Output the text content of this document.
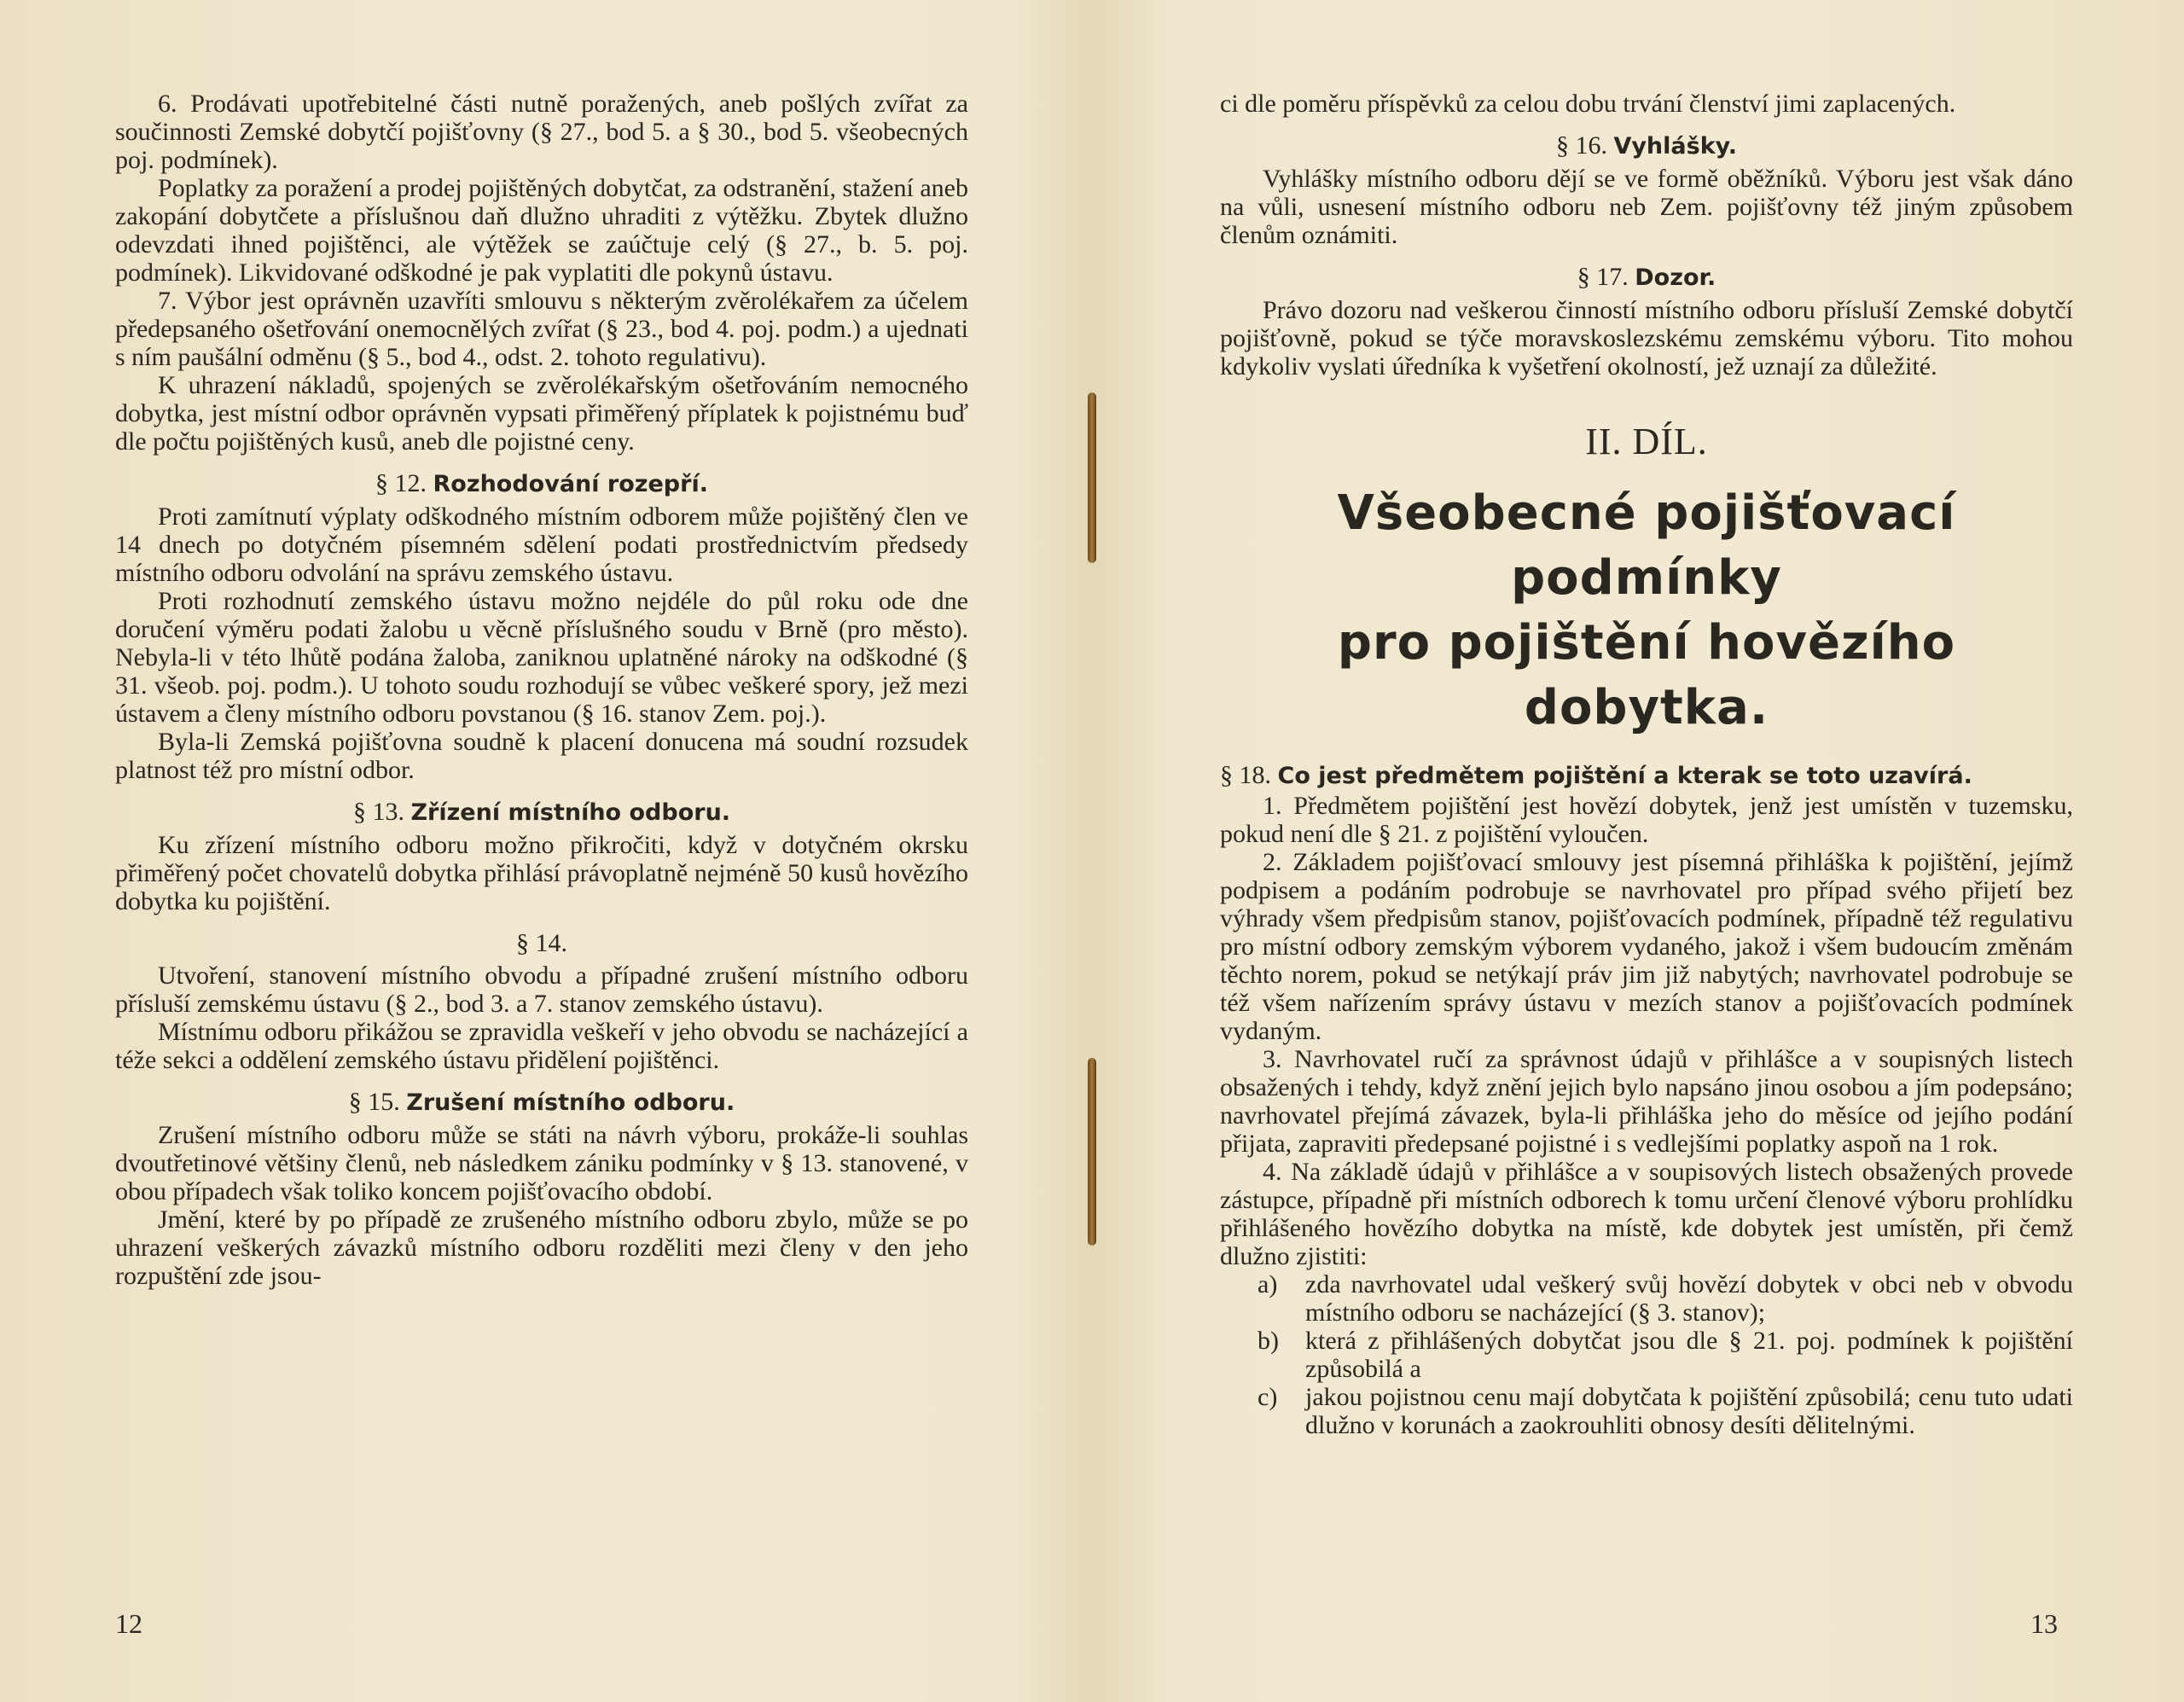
6. Prodávati upotřebitelné části nutně poražených, aneb pošlých zvířat za součinnosti Zemské dobytčí pojišťovny (§ 27., bod 5. a § 30., bod 5. všeobecných poj. podmínek).

Poplatky za poražení a prodej pojištěných dobytčat, za odstranění, stažení aneb zakopání dobytčete a příslušnou daň dlužno uhraditi z výtěžku. Zbytek dlužno odevzdati ihned pojištěnci, ale výtěžek se zaúčtuje celý (§ 27., b. 5. poj. podmínek). Likvidované odškodné je pak vyplatiti dle pokynů ústavu.

7. Výbor jest oprávněn uzavříti smlouvu s některým zvěrolékařem za účelem předepsaného ošetřování onemocnělých zvířat (§ 23., bod 4. poj. podm.) a ujednati s ním paušální odměnu (§ 5., bod 4., odst. 2. tohoto regulativu).

K uhrazení nákladů, spojených se zvěrolékařským ošetřováním nemocného dobytka, jest místní odbor oprávněn vypsati přiměřený příplatek k pojistnému buď dle počtu pojištěných kusů, aneb dle pojistné ceny.

§ 12. Rozhodování rozepří.

Proti zamítnutí výplaty odškodného místním odborem může pojištěný člen ve 14 dnech po dotyčném písemném sdělení podati prostřednictvím předsedy místního odboru odvolání na správu zemského ústavu.

Proti rozhodnutí zemského ústavu možno nejdéle do půl roku ode dne doručení výměru podati žalobu u věcně příslušného soudu v Brně (pro město). Nebyla-li v této lhůtě podána žaloba, zaniknou uplatněné nároky na odškodné (§ 31. všeob. poj. podm.). U tohoto soudu rozhodují se vůbec veškeré spory, jež mezi ústavem a členy místního odboru povstanou (§ 16. stanov Zem. poj.).

Byla-li Zemská pojišťovna soudně k placení donucena má soudní rozsudek platnost též pro místní odbor.

§ 13. Zřízení místního odboru.

Ku zřízení místního odboru možno přikročiti, když v dotyčném okrsku přiměřený počet chovatelů dobytka přihlásí právoplatně nejméně 50 kusů hovězího dobytka ku pojištění.

§ 14.

Utvoření, stanovení místního obvodu a případné zrušení místního odboru přísluší zemskému ústavu (§ 2., bod 3. a 7. stanov zemského ústavu).

Místnímu odboru přikážou se zpravidla veškeří v jeho obvodu se nacházející a téže sekci a oddělení zemského ústavu přidělení pojištěnci.

§ 15. Zrušení místního odboru.

Zrušení místního odboru může se státi na návrh výboru, prokáže-li souhlas dvoutřetinové většiny členů, neb následkem zániku podmínky v § 13. stanovené, v obou případech však toliko koncem pojišťovacího období.

Jmění, které by po případě ze zrušeného místního odboru zbylo, může se po uhrazení veškerých závazků místního odboru rozděliti mezi členy v den jeho rozpuštění zde jsou-

12

ci dle poměru příspěvků za celou dobu trvání členství jimi zaplacených.

§ 16. Vyhlášky.

Vyhlášky místního odboru dějí se ve formě oběžníků. Výboru jest však dáno na vůli, usnesení místního odboru neb Zem. pojišťovny též jiným způsobem členům oznámiti.

§ 17. Dozor.

Právo dozoru nad veškerou činností místního odboru přísluší Zemské dobytčí pojišťovně, pokud se týče moravskoslezskému zemskému výboru. Tito mohou kdykoliv vyslati úředníka k vyšetření okolností, jež uznají za důležité.

II. DÍL.
Všeobecné pojišťovací podmínky
pro pojištění hovězího dobytka.
§ 18. Co jest předmětem pojištění a kterak se toto uzavírá.

1. Předmětem pojištění jest hovězí dobytek, jenž jest umístěn v tuzemsku, pokud není dle § 21. z pojištění vyloučen.

2. Základem pojišťovací smlouvy jest písemná přihláška k pojištění, jejímž podpisem a podáním podrobuje se navrhovatel pro případ svého přijetí bez výhrady všem předpisům stanov, pojišťovacích podmínek, případně též regulativu pro místní odbory zemským výborem vydaného, jakož i všem budoucím změnám těchto norem, pokud se netýkají práv jim již nabytých; navrhovatel podrobuje se též všem nařízením správy ústavu v mezích stanov a pojišťovacích podmínek vydaným.

3. Navrhovatel ručí za správnost údajů v přihlášce a v soupisných listech obsažených i tehdy, když znění jejich bylo napsáno jinou osobou a jím podepsáno; navrhovatel přejímá závazek, byla-li přihláška jeho do měsíce od jejího podání přijata, zapraviti předepsané pojistné i s vedlejšími poplatky aspoň na 1 rok.

4. Na základě údajů v přihlášce a v soupisových listech obsažených provede zástupce, případně při místních odborech k tomu určení členové výboru prohlídku přihlášeného hovězího dobytka na místě, kde dobytek jest umístěn, při čemž dlužno zjistiti:

a) zda navrhovatel udal veškerý svůj hovězí dobytek v obci neb v obvodu místního odboru se nacházející (§ 3. stanov);
b) která z přihlášených dobytčat jsou dle § 21. poj. podmínek k pojištění způsobilá a
c) jakou pojistnou cenu mají dobytčata k pojištění způsobilá; cenu tuto udati dlužno v korunách a zaokrouhliti obnosy desíti dělitelnými.
13
